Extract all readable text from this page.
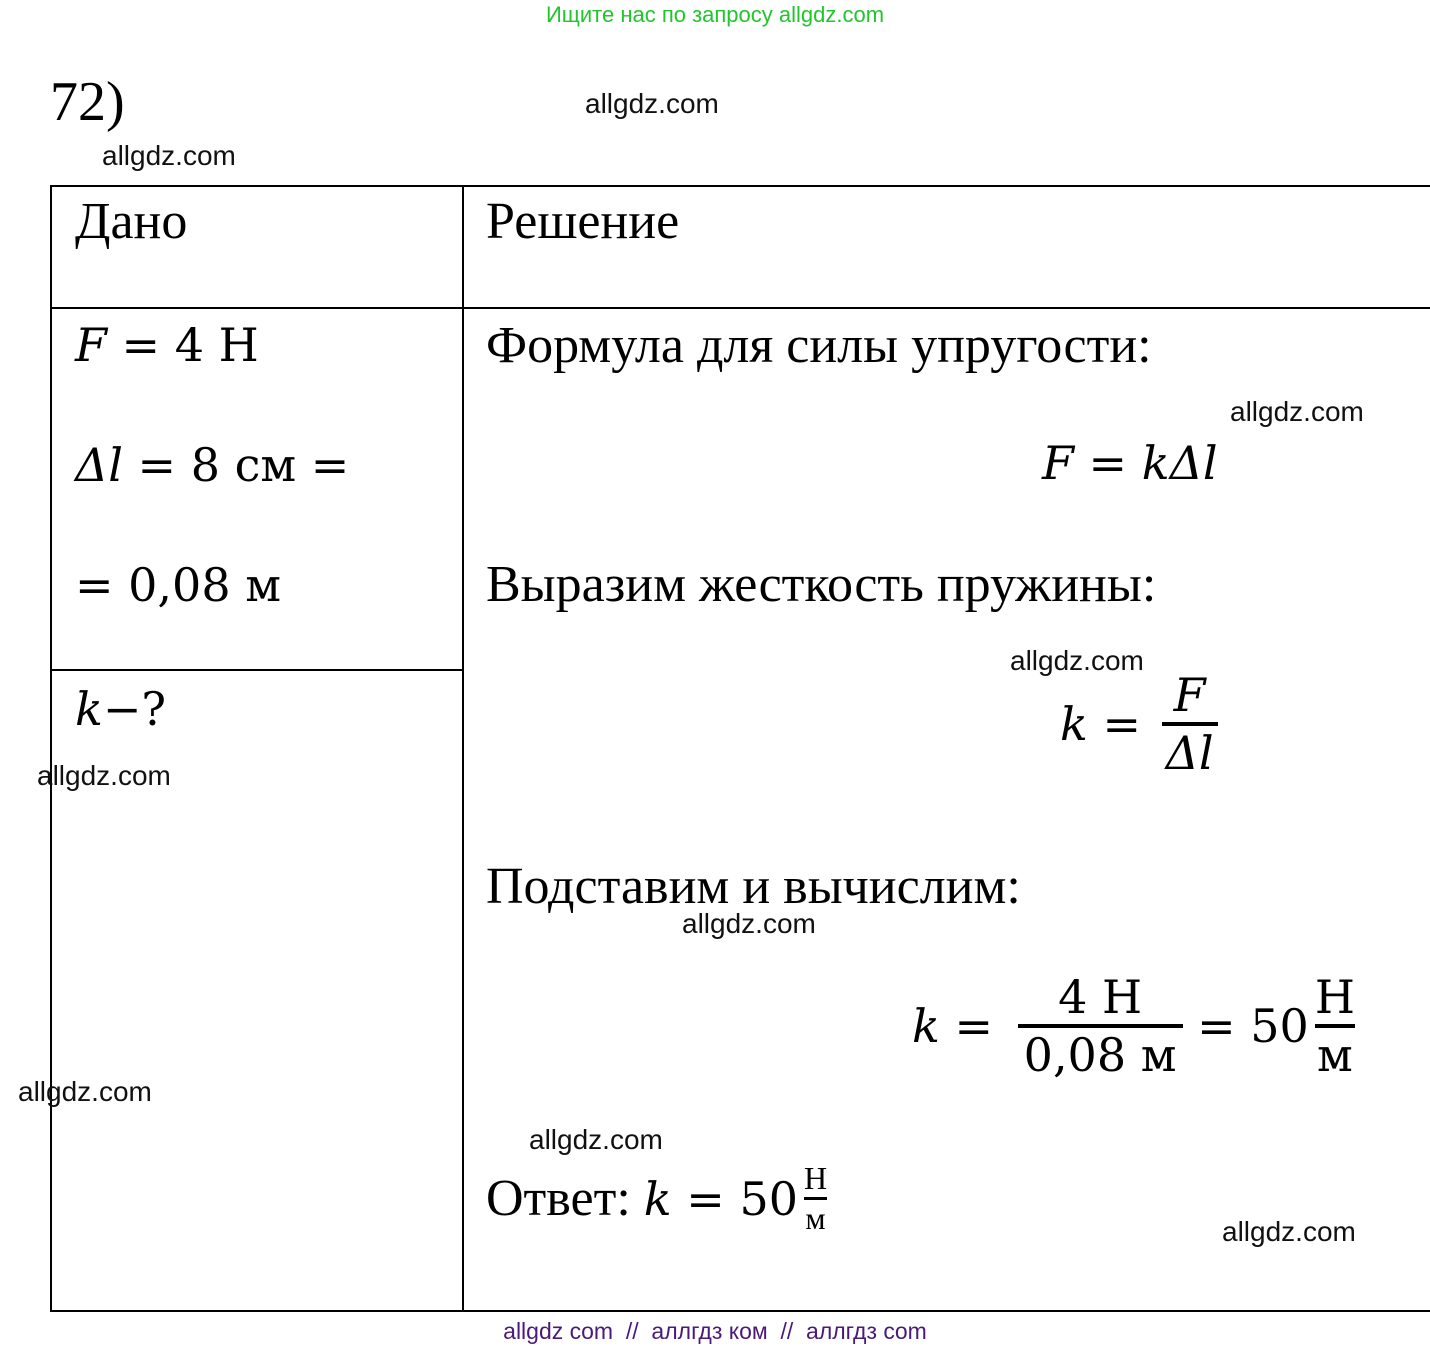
Ищите нас по запросу allgdz.com
72)	allgdz.com
allgdz.com
allgdz.com
allgdz.com
allgdz.com
allgdz.com
allgdz.com
allgdz.com
allgdz.com
Дано	Решение
F = 4 Н
Δl = 8 см =
= 0,08 м
k−?
Формула для силы упругости:
F = kΔl
Выразим жесткость пружины:
$k = \frac{F}{\Delta l}$
Подставим и вычислим:
$k = \frac{4 Н}{0,08 м} = 50 \frac{Н}{м}$
Ответ: $k = 50 \frac{Н}{м}$
allgdz com  //  аллгдз ком  //  аллгдз com
